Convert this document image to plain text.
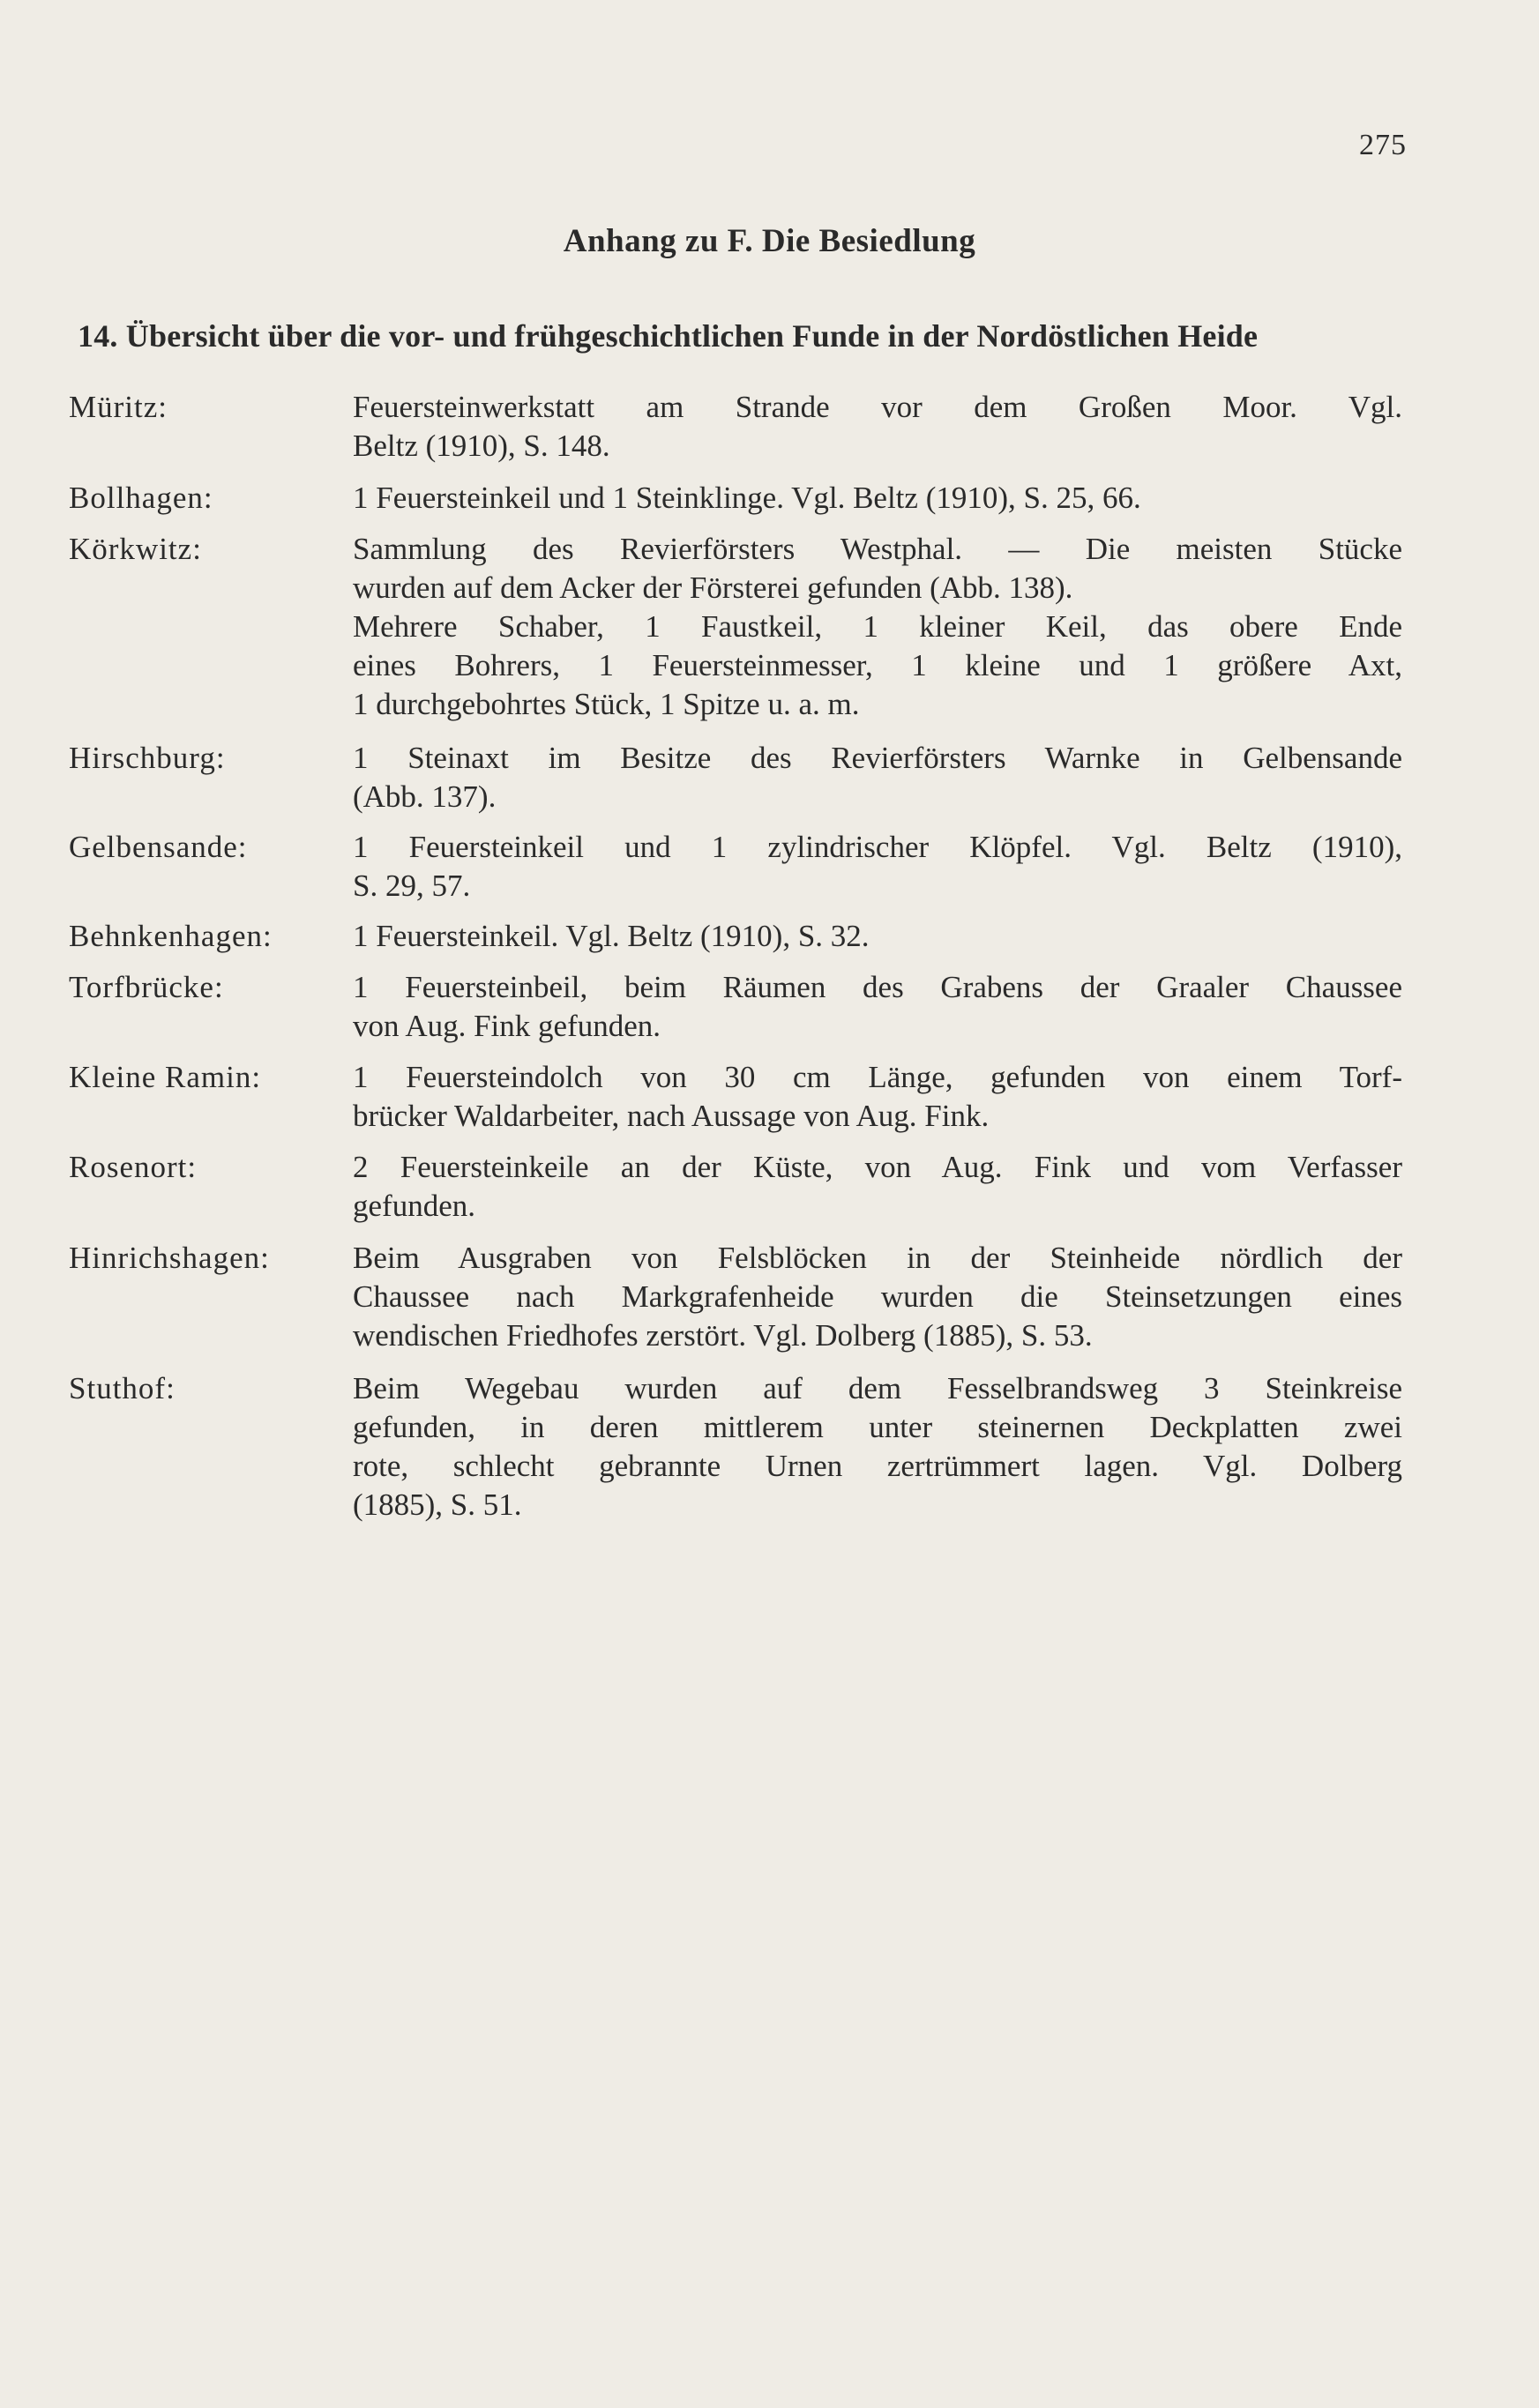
275
Anhang zu F. Die Besiedlung
14. Übersicht über die vor- und frühgeschichtlichen Funde in der Nordöstlichen Heide
Müritz:	Feuersteinwerkstatt am Strande vor dem Großen Moor. Vgl.
Beltz (1910), S. 148.
Bollhagen:	1 Feuersteinkeil und 1 Steinklinge. Vgl. Beltz (1910), S. 25, 66.
Körkwitz:	Sammlung des Revierförsters Westphal. — Die meisten Stücke
wurden auf dem Acker der Försterei gefunden (Abb. 138).
Mehrere Schaber, 1 Faustkeil, 1 kleiner Keil, das obere Ende
eines Bohrers, 1 Feuersteinmesser, 1 kleine und 1 größere Axt,
1 durchgebohrtes Stück, 1 Spitze u. a. m.
Hirschburg:	1 Steinaxt im Besitze des Revierförsters Warnke in Gelbensande
(Abb. 137).
Gelbensande:	1 Feuersteinkeil und 1 zylindrischer Klöpfel. Vgl. Beltz (1910),
S. 29, 57.
Behnkenhagen:	1 Feuersteinkeil. Vgl. Beltz (1910), S. 32.
Torfbrücke:	1 Feuersteinbeil, beim Räumen des Grabens der Graaler Chaussee
von Aug. Fink gefunden.
Kleine Ramin:	1 Feuersteindolch von 30 cm Länge, gefunden von einem Torf-
brücker Waldarbeiter, nach Aussage von Aug. Fink.
Rosenort:	2 Feuersteinkeile an der Küste, von Aug. Fink und vom Verfasser
gefunden.
Hinrichshagen:	Beim Ausgraben von Felsblöcken in der Steinheide nördlich der
Chaussee nach Markgrafenheide wurden die Steinsetzungen eines
wendischen Friedhofes zerstört. Vgl. Dolberg (1885), S. 53.
Stuthof:	Beim Wegebau wurden auf dem Fesselbrandsweg 3 Steinkreise
gefunden, in deren mittlerem unter steinernen Deckplatten zwei
rote, schlecht gebrannte Urnen zertrümmert lagen. Vgl. Dolberg
(1885), S. 51.
